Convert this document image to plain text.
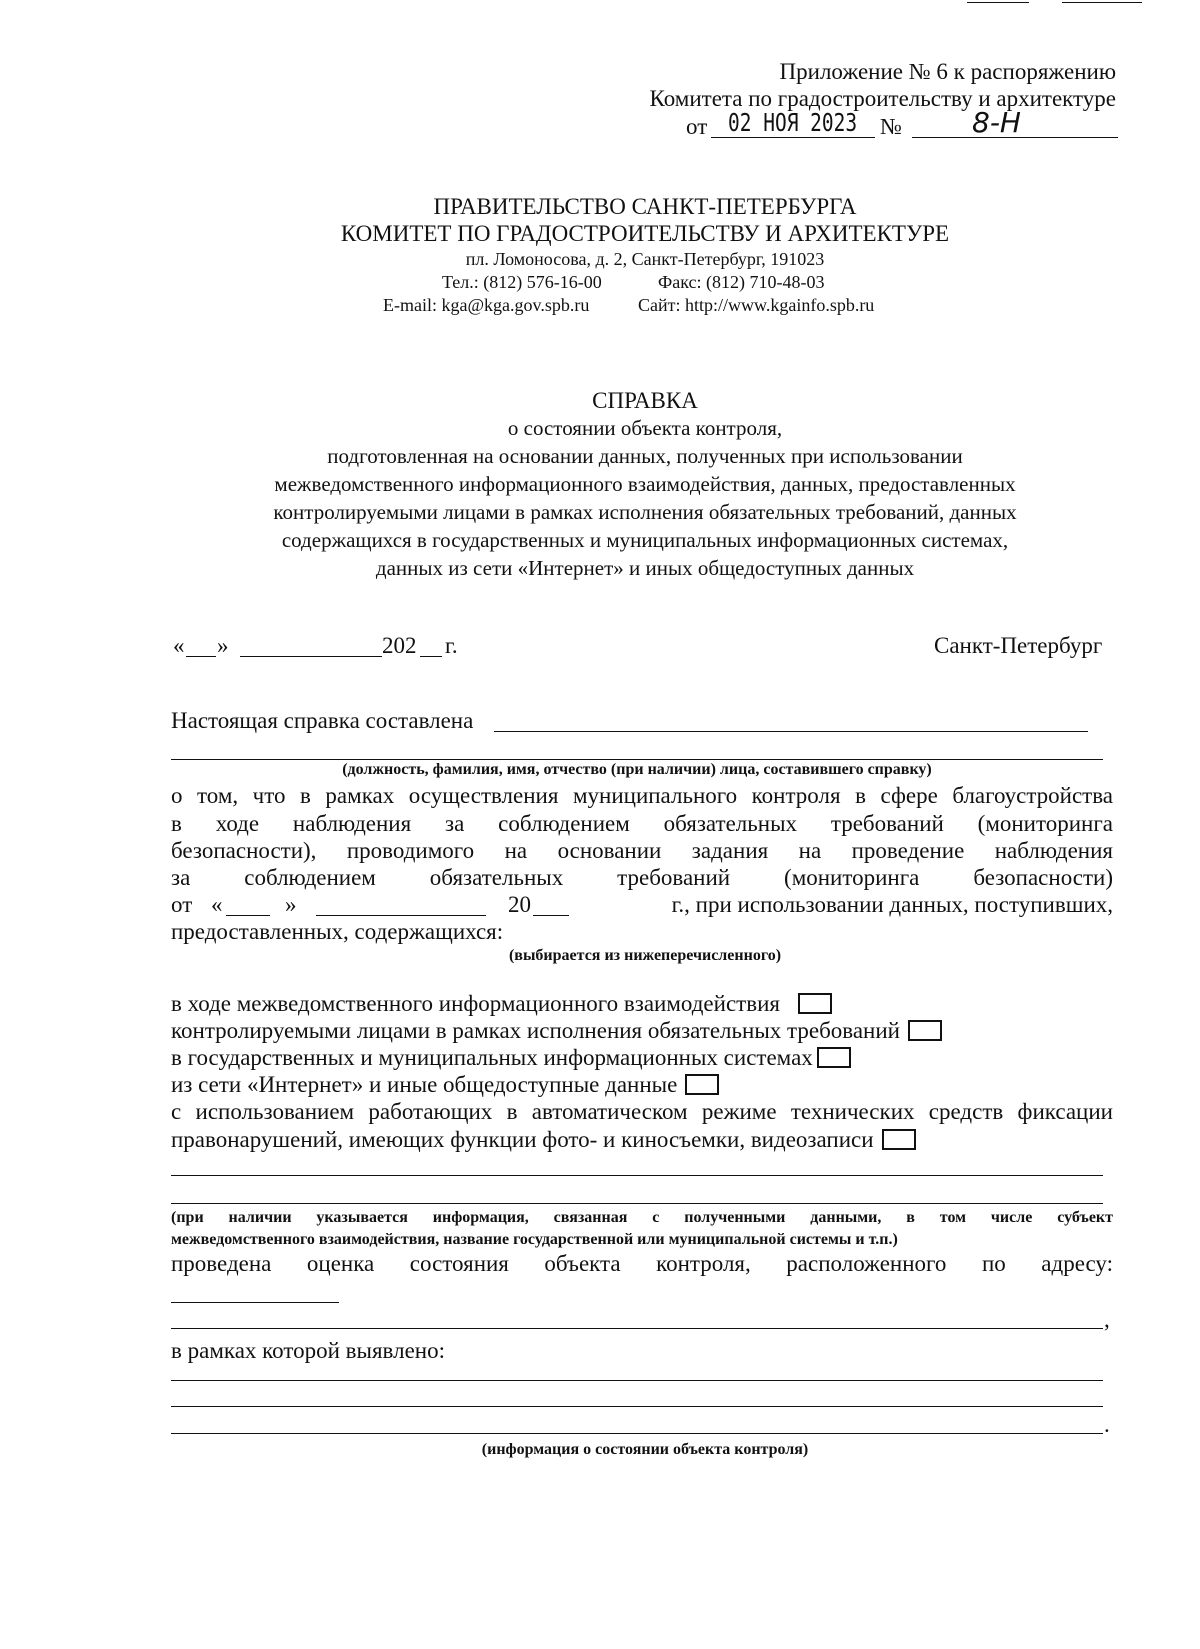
Приложение № 6 к распоряжению
Комитета по градостроительству и архитектуре
от 02 НОЯ 2023 №	8-Н
ПРАВИТЕЛЬСТВО САНКТ-ПЕТЕРБУРГА
КОМИТЕТ ПО ГРАДОСТРОИТЕЛЬСТВУ И АРХИТЕКТУРЕ
пл. Ломоносова, д. 2, Санкт-Петербург, 191023
Тел.: (812) 576-16-00	Факс: (812) 710-48-03
E-mail: kga@kga.gov.spb.ru	Сайт: http://www.kgainfo.spb.ru
СПРАВКА
о состоянии объекта контроля,
подготовленная на основании данных, полученных при использовании
межведомственного информационного взаимодействия, данных, предоставленных
контролируемыми лицами в рамках исполнения обязательных требований, данных
содержащихся в государственных и муниципальных информационных системах,
данных из сети «Интернет» и иных общедоступных данных
« »	202 г.	Санкт-Петербург
Настоящая справка составлена
(должность, фамилия, имя, отчество (при наличии) лица, составившего справку)
о том, что в рамках осуществления муниципального контроля в сфере благоустройства
в ходе наблюдения за соблюдением обязательных требований (мониторинга
безопасности), проводимого на основании задания на проведение наблюдения
за соблюдением обязательных требований (мониторинга безопасности)
от «	»	20	г., при использовании данных, поступивших,
предоставленных, содержащихся:
(выбирается из нижеперечисленного)
в ходе межведомственного информационного взаимодействия
контролируемыми лицами в рамках исполнения обязательных требований
в государственных и муниципальных информационных системах
из сети «Интернет» и иные общедоступные данные
с использованием работающих в автоматическом режиме технических средств фиксации
правонарушений, имеющих функции фото- и киносъемки, видеозаписи
(при наличии указывается информация, связанная с полученными данными, в том числе субъект
межведомственного взаимодействия, название государственной или муниципальной системы и т.п.)
проведена оценка состояния объекта контроля, расположенного по адресу:
,
в рамках которой выявлено:
.
(информация о состоянии объекта контроля)
